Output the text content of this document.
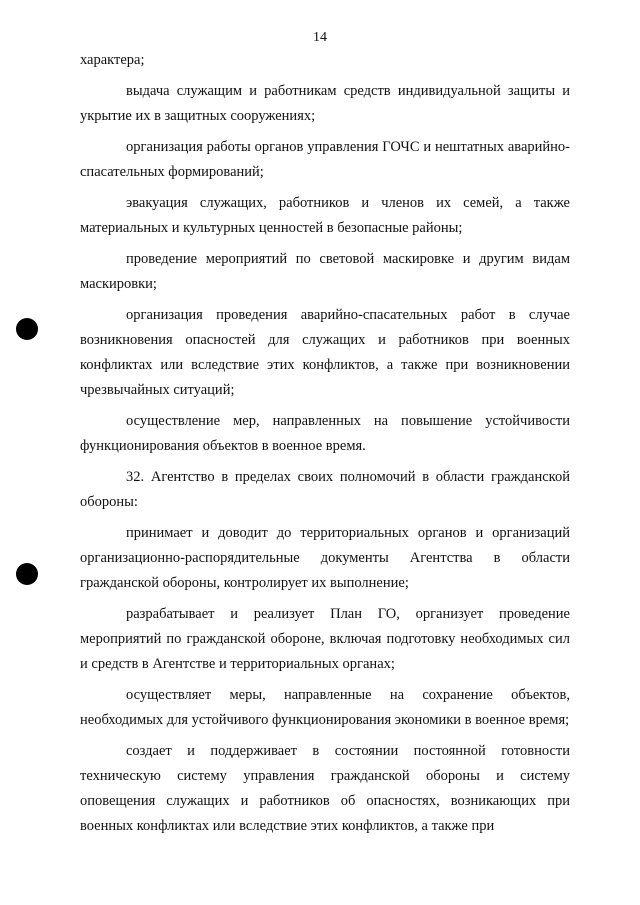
14

характера;

выдача служащим и работникам средств индивидуальной защиты и укрытие их в защитных сооружениях;

организация работы органов управления ГОЧС и нештатных аварийно-спасательных формирований;

эвакуация служащих, работников и членов их семей, а также материальных и культурных ценностей в безопасные районы;

проведение мероприятий по световой маскировке и другим видам маскировки;

организация проведения аварийно-спасательных работ в случае возникновения опасностей для служащих и работников при военных конфликтах или вследствие этих конфликтов, а также при возникновении чрезвычайных ситуаций;

осуществление мер, направленных на повышение устойчивости функционирования объектов в военное время.

32. Агентство в пределах своих полномочий в области гражданской обороны:

принимает и доводит до территориальных органов и организаций организационно-распорядительные документы Агентства в области гражданской обороны, контролирует их выполнение;

разрабатывает и реализует План ГО, организует проведение мероприятий по гражданской обороне, включая подготовку необходимых сил и средств в Агентстве и территориальных органах;

осуществляет меры, направленные на сохранение объектов, необходимых для устойчивого функционирования экономики в военное время;

создает и поддерживает в состоянии постоянной готовности техническую систему управления гражданской обороны и систему оповещения служащих и работников об опасностях, возникающих при военных конфликтах или вследствие этих конфликтов, а также при
